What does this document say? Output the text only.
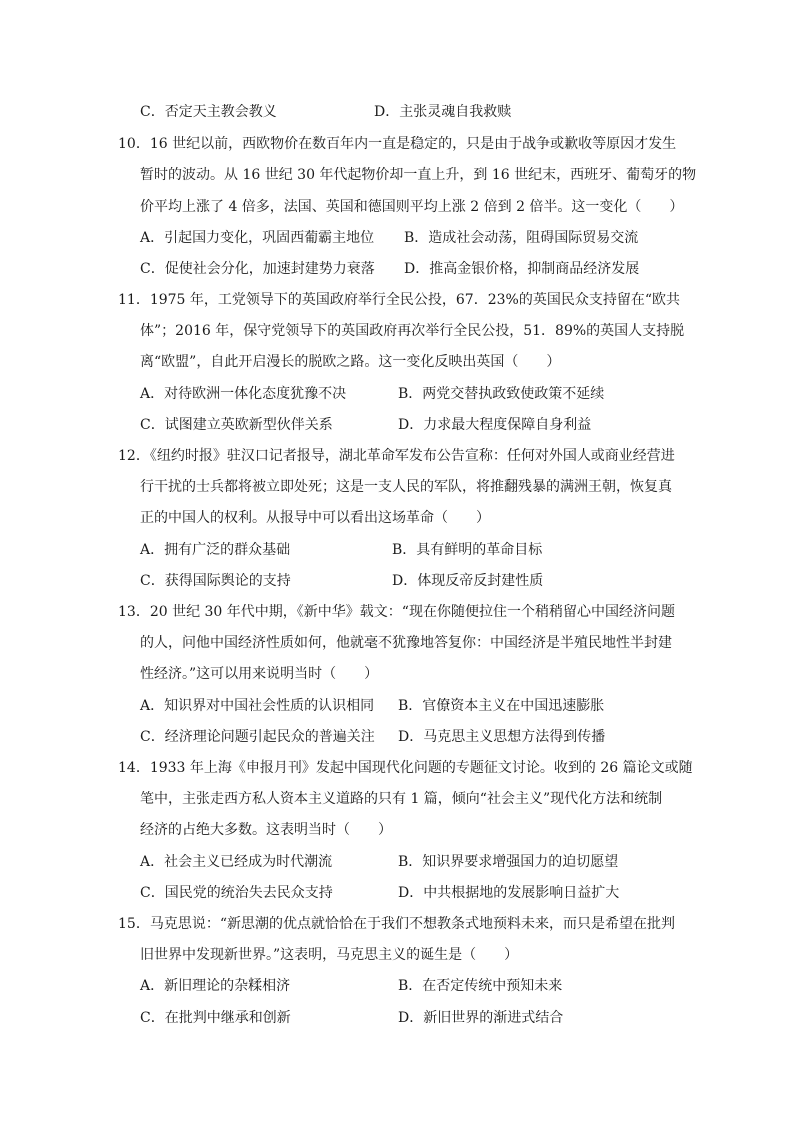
C．否定天主教会教义	D．主张灵魂自我救赎
10．16 世纪以前，西欧物价在数百年内一直是稳定的，只是由于战争或歉收等原因才发生
暂时的波动。从 16 世纪 30 年代起物价却一直上升，到 16 世纪末，西班牙、葡萄牙的物
价平均上涨了 4 倍多，法国、英国和德国则平均上涨 2 倍到 2 倍半。这一变化（　　）
A．引起国力变化，巩固西葡霸主地位 B．造成社会动荡，阻碍国际贸易交流
C．促使社会分化，加速封建势力衰落 D．推高金银价格，抑制商品经济发展
11．1975 年，工党领导下的英国政府举行全民公投，67．23%的英国民众支持留在“欧共
体”；2016 年，保守党领导下的英国政府再次举行全民公投，51．89%的英国人支持脱
离“欧盟”，自此开启漫长的脱欧之路。这一变化反映出英国（　　）
A．对待欧洲一体化态度犹豫不决	B．两党交替执政致使政策不延续
C．试图建立英欧新型伙伴关系	D．力求最大程度保障自身利益
12．《纽约时报》驻汉口记者报导，湖北革命军发布公告宣称：任何对外国人或商业经营进
行干扰的士兵都将被立即处死；这是一支人民的军队，将推翻残暴的满洲王朝，恢复真
正的中国人的权利。从报导中可以看出这场革命（　　）
A．拥有广泛的群众基础	B．具有鲜明的革命目标
C．获得国际舆论的支持	D．体现反帝反封建性质
13．20 世纪 30 年代中期，《新中华》载文：“现在你随便拉住一个稍稍留心中国经济问题
的人，问他中国经济性质如何，他就毫不犹豫地答复你：中国经济是半殖民地性半封建
性经济。”这可以用来说明当时（　　）
A．知识界对中国社会性质的认识相同 B．官僚资本主义在中国迅速膨胀
C．经济理论问题引起民众的普遍关注 D．马克思主义思想方法得到传播
14．1933 年上海《申报月刊》发起中国现代化问题的专题征文讨论。收到的 26 篇论文或随
笔中，主张走西方私人资本主义道路的只有 1 篇，倾向“社会主义”现代化方法和统制
经济的占绝大多数。这表明当时（　　）
A．社会主义已经成为时代潮流	B．知识界要求增强国力的迫切愿望
C．国民党的统治失去民众支持	D．中共根据地的发展影响日益扩大
15．马克思说：“新思潮的优点就恰恰在于我们不想教条式地预料未来，而只是希望在批判
旧世界中发现新世界。”这表明，马克思主义的诞生是（　　）
A．新旧理论的杂糅相济	B．在否定传统中预知未来
C．在批判中继承和创新	D．新旧世界的渐进式结合
